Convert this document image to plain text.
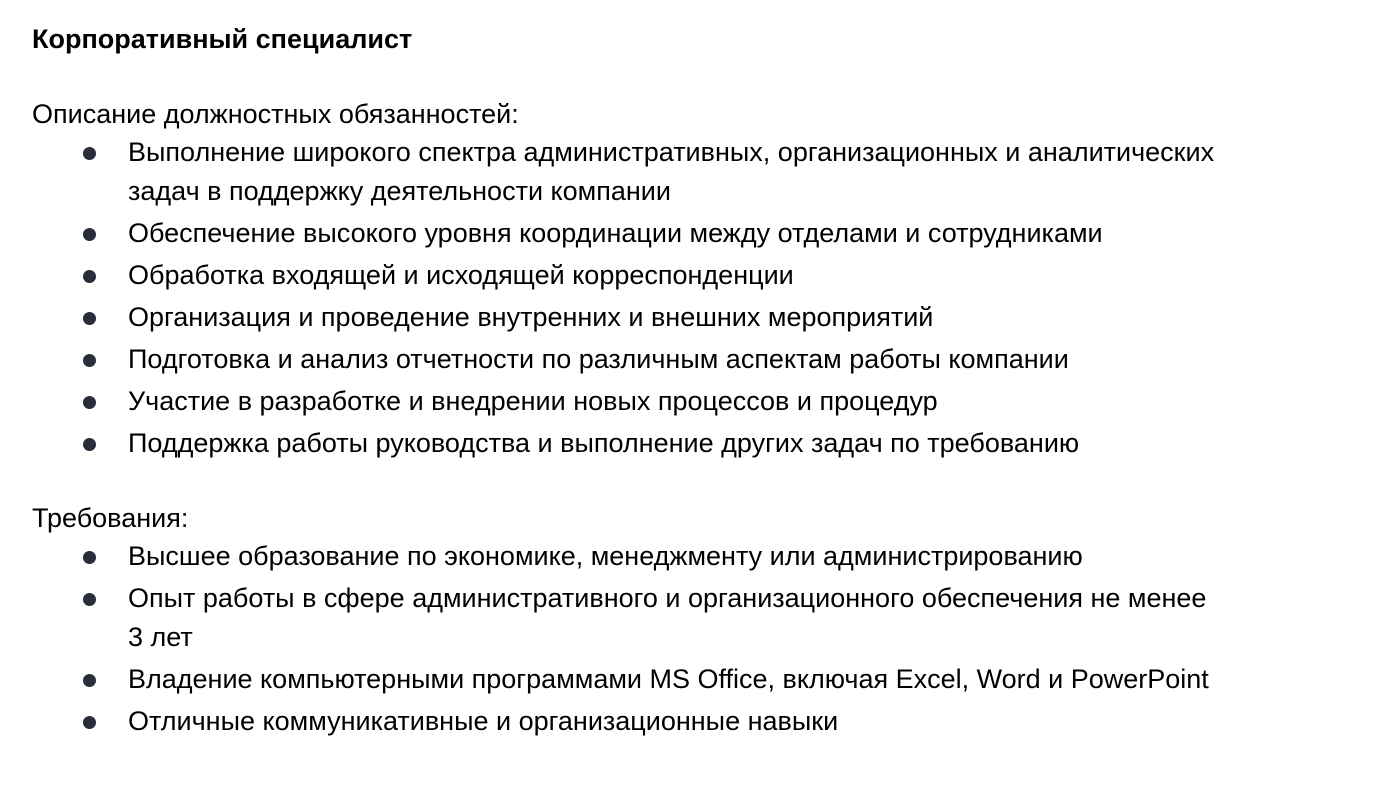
Корпоративный специалист

Описание должностных обязанностей:

Выполнение широкого спектра административных, организационных и аналитических задач в поддержку деятельности компании
Обеспечение высокого уровня координации между отделами и сотрудниками
Обработка входящей и исходящей корреспонденции
Организация и проведение внутренних и внешних мероприятий
Подготовка и анализ отчетности по различным аспектам работы компании
Участие в разработке и внедрении новых процессов и процедур
Поддержка работы руководства и выполнение других задач по требованию

Требования:

Высшее образование по экономике, менеджменту или администрированию
Опыт работы в сфере административного и организационного обеспечения не менее 3 лет
Владение компьютерными программами MS Office, включая Excel, Word и PowerPoint
Отличные коммуникативные и организационные навыки
